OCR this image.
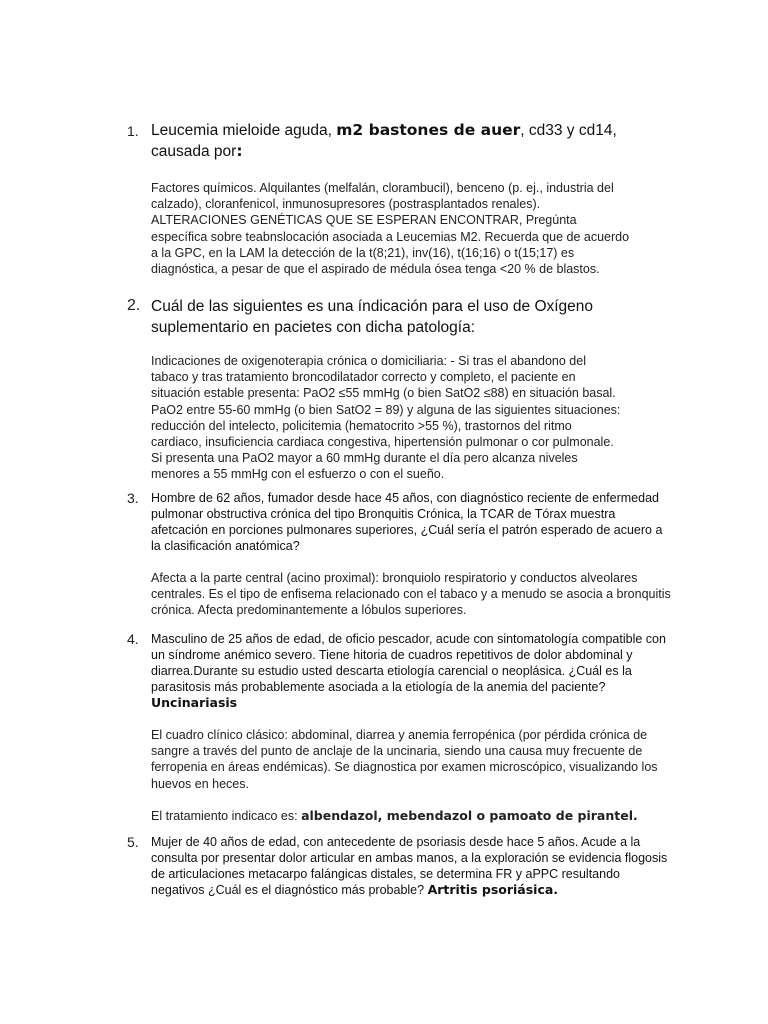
1. Leucemia mieloide aguda, m2 bastones de auer, cd33 y cd14, causada por:
Factores químicos. Alquilantes (melfalán, clorambucil), benceno (p. ej., industria del calzado), cloranfenicol, inmunosupresores (postrasplantados renales). ALTERACIONES GENÉTICAS QUE SE ESPERAN ENCONTRAR, Pregúnta específica sobre teabnslocación asociada a Leucemias M2. Recuerda que de acuerdo a la GPC, en la LAM la detección de la t(8;21), inv(16), t(16;16) o t(15;17) es diagnóstica, a pesar de que el aspirado de médula ósea tenga <20 % de blastos.
2. Cuál de las siguientes es una índicación para el uso de Oxígeno suplementario en pacietes con dicha patología:
Indicaciones de oxigenoterapia crónica o domiciliaria: - Si tras el abandono del tabaco y tras tratamiento broncodilatador correcto y completo, el paciente en situación estable presenta: PaO2 ≤55 mmHg (o bien SatO2 ≤88) en situación basal. PaO2 entre 55-60 mmHg (o bien SatO2 = 89) y alguna de las siguientes situaciones: reducción del intelecto, policitemia (hematocrito >55 %), trastornos del ritmo cardiaco, insuficiencia cardiaca congestiva, hipertensión pulmonar o cor pulmonale. Si presenta una PaO2 mayor a 60 mmHg durante el día pero alcanza niveles menores a 55 mmHg con el esfuerzo o con el sueño.
3. Hombre de 62 años, fumador desde hace 45 años, con diagnóstico reciente de enfermedad pulmonar obstructiva crónica del tipo Bronquitis Crónica, la TCAR de Tórax muestra afetcación en porciones pulmonares superiores, ¿Cuál sería el patrón esperado de acuero a la clasificación anatómica?
Afecta a la parte central (acino proximal): bronquiolo respiratorio y conductos alveolares centrales. Es el tipo de enfisema relacionado con el tabaco y a menudo se asocia a bronquitis crónica. Afecta predominantemente a lóbulos superiores.
4. Masculino de 25 años de edad, de oficio pescador, acude con sintomatología compatible con un síndrome anémico severo. Tiene hitoria de cuadros repetitivos de dolor abdominal y diarrea.Durante su estudio usted descarta etiología carencial o neoplásica. ¿Cuál es la parasitosis más probablemente asociada a la etiología de la anemia del paciente? Uncinariasis
El cuadro clínico clásico: abdominal, diarrea y anemia ferropénica (por pérdida crónica de sangre a través del punto de anclaje de la uncinaria, siendo una causa muy frecuente de ferropenia en áreas endémicas). Se diagnostica por examen microscópico, visualizando los huevos en heces.
El tratamiento indicaco es: albendazol, mebendazol o pamoato de pirantel.
5. Mujer de 40 años de edad, con antecedente de psoriasis desde hace 5 años. Acude a la consulta por presentar dolor articular en ambas manos, a la exploración se evidencia flogosis de articulaciones metacarpo falángicas distales, se determina FR y aPPC resultando negativos ¿Cuál es el diagnóstico más probable? Artritis psoriásica.
